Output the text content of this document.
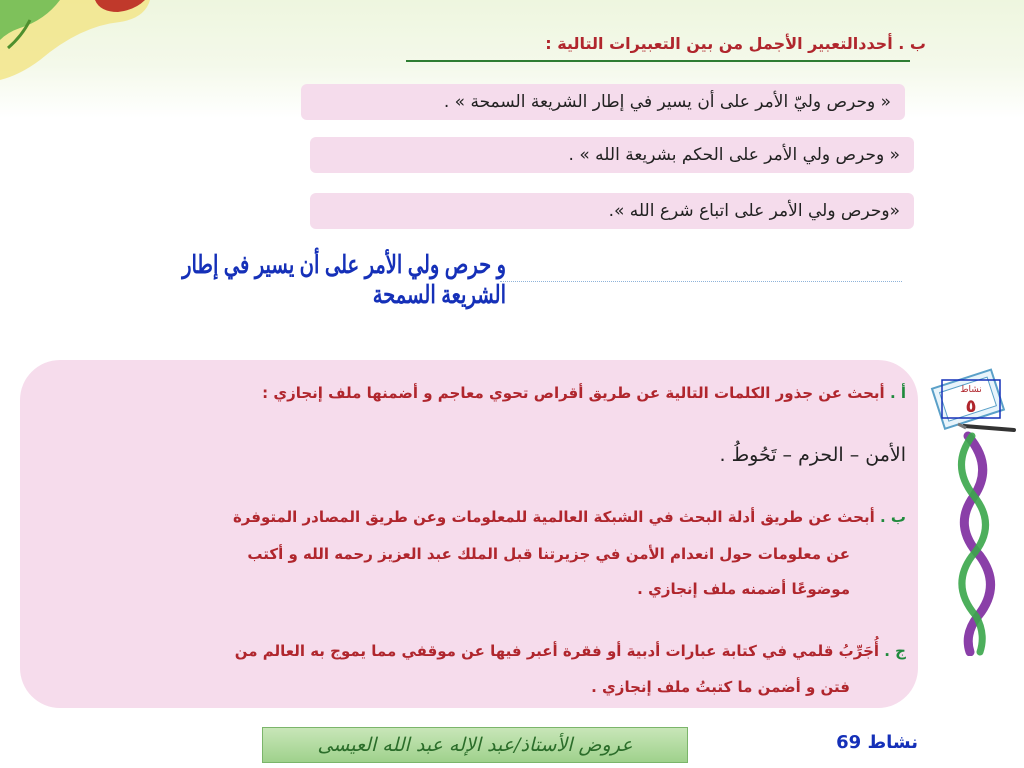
ب . أحددالتعبير الأجمل من بين التعبيرات التالية :
« وحرص وليّ الأمر على أن يسير في إطار الشريعة السمحة » .
« وحرص ولي الأمر على الحكم بشريعة الله » .
«وحرص ولي الأمر على اتباع شرع الله ».
و حرص ولي الأمر على أن يسير في إطار الشريعة السمحة
أ . أبحث عن جذور الكلمات التالية عن طريق أقراص تحوي معاجم و أضمنها ملف إنجازي :
الأمن – الحزم – تَحُوطُ .
ب . أبحث عن طريق أدلة البحث في الشبكة العالمية للمعلومات وعن طريق المصادر المتوفرة
عن معلومات حول انعدام الأمن في جزيرتنا قبل الملك عبد العزيز رحمه الله و أكتب
موضوعًا أضمنه ملف إنجازي .
ج . أُجَرِّبُ قلمي في كتابة عبارات أدبية أو فقرة أعبر فيها عن موقفي مما يموج به العالم من
فتن و أضمن ما كتبتُ ملف إنجازي .
نشاط
٥
عروض الأستاذ/عبد الإله عبد الله العيسى	نشاط 69
